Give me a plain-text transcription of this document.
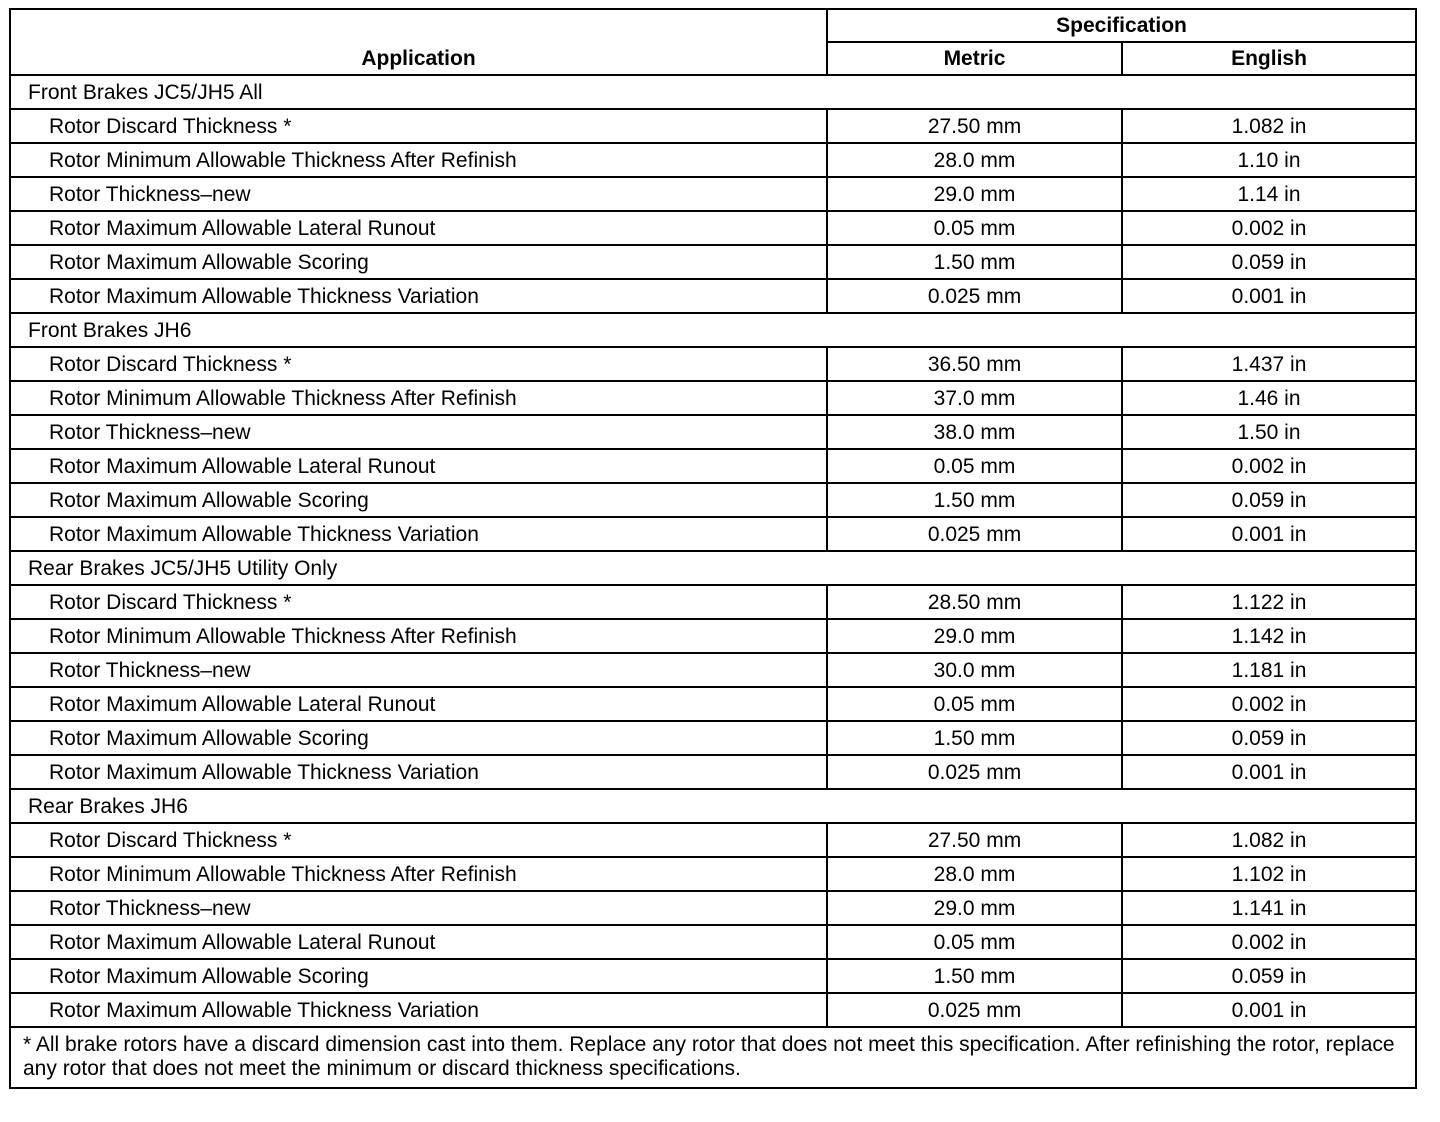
Application	Specification	
	Metric	English
Front Brakes JC5/JH5 All		
Rotor Discard Thickness *	27.50 mm	1.082 in
Rotor Minimum Allowable Thickness After Refinish	28.0 mm	1.10 in
Rotor Thickness–new	29.0 mm	1.14 in
Rotor Maximum Allowable Lateral Runout	0.05 mm	0.002 in
Rotor Maximum Allowable Scoring	1.50 mm	0.059 in
Rotor Maximum Allowable Thickness Variation	0.025 mm	0.001 in
Front Brakes JH6		
Rotor Discard Thickness *	36.50 mm	1.437 in
Rotor Minimum Allowable Thickness After Refinish	37.0 mm	1.46 in
Rotor Thickness–new	38.0 mm	1.50 in
Rotor Maximum Allowable Lateral Runout	0.05 mm	0.002 in
Rotor Maximum Allowable Scoring	1.50 mm	0.059 in
Rotor Maximum Allowable Thickness Variation	0.025 mm	0.001 in
Rear Brakes JC5/JH5 Utility Only		
Rotor Discard Thickness *	28.50 mm	1.122 in
Rotor Minimum Allowable Thickness After Refinish	29.0 mm	1.142 in
Rotor Thickness–new	30.0 mm	1.181 in
Rotor Maximum Allowable Lateral Runout	0.05 mm	0.002 in
Rotor Maximum Allowable Scoring	1.50 mm	0.059 in
Rotor Maximum Allowable Thickness Variation	0.025 mm	0.001 in
Rear Brakes JH6		
Rotor Discard Thickness *	27.50 mm	1.082 in
Rotor Minimum Allowable Thickness After Refinish	28.0 mm	1.102 in
Rotor Thickness–new	29.0 mm	1.141 in
Rotor Maximum Allowable Lateral Runout	0.05 mm	0.002 in
Rotor Maximum Allowable Scoring	1.50 mm	0.059 in
Rotor Maximum Allowable Thickness Variation	0.025 mm	0.001 in
* All brake rotors have a discard dimension cast into them. Replace any rotor that does not meet this specification. After refinishing the rotor, replace any rotor that does not meet the minimum or discard thickness specifications.		
